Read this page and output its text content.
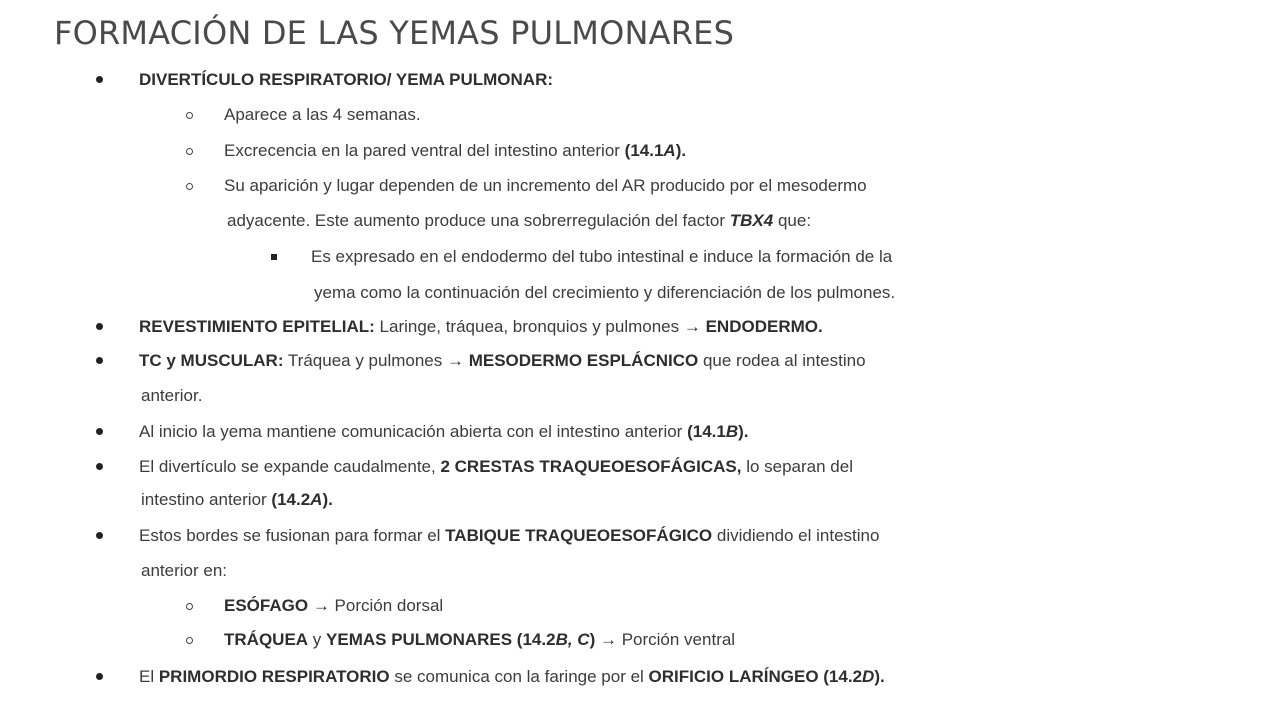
FORMACIÓN DE LAS YEMAS PULMONARES
DIVERTÍCULO RESPIRATORIO/ YEMA PULMONAR:
Aparece a las 4 semanas.
Excrecencia en la pared ventral del intestino anterior (14.1A).
Su aparición y lugar dependen de un incremento del AR producido por el mesodermo
adyacente. Este aumento produce una sobrerregulación del factor TBX4 que:
Es expresado en el endodermo del tubo intestinal e induce la formación de la
yema como la continuación del crecimiento y diferenciación de los pulmones.
REVESTIMIENTO EPITELIAL: Laringe, tráquea, bronquios y pulmones → ENDODERMO.
TC y MUSCULAR: Tráquea y pulmones → MESODERMO ESPLÁCNICO que rodea al intestino
anterior.
Al inicio la yema mantiene comunicación abierta con el intestino anterior (14.1B).
El divertículo se expande caudalmente, 2 CRESTAS TRAQUEOESOFÁGICAS, lo separan del
intestino anterior (14.2A).
Estos bordes se fusionan para formar el TABIQUE TRAQUEOESOFÁGICO dividiendo el intestino
anterior en:
ESÓFAGO → Porción dorsal
TRÁQUEA y YEMAS PULMONARES (14.2B, C) → Porción ventral
El PRIMORDIO RESPIRATORIO se comunica con la faringe por el ORIFICIO LARÍNGEO (14.2D).
